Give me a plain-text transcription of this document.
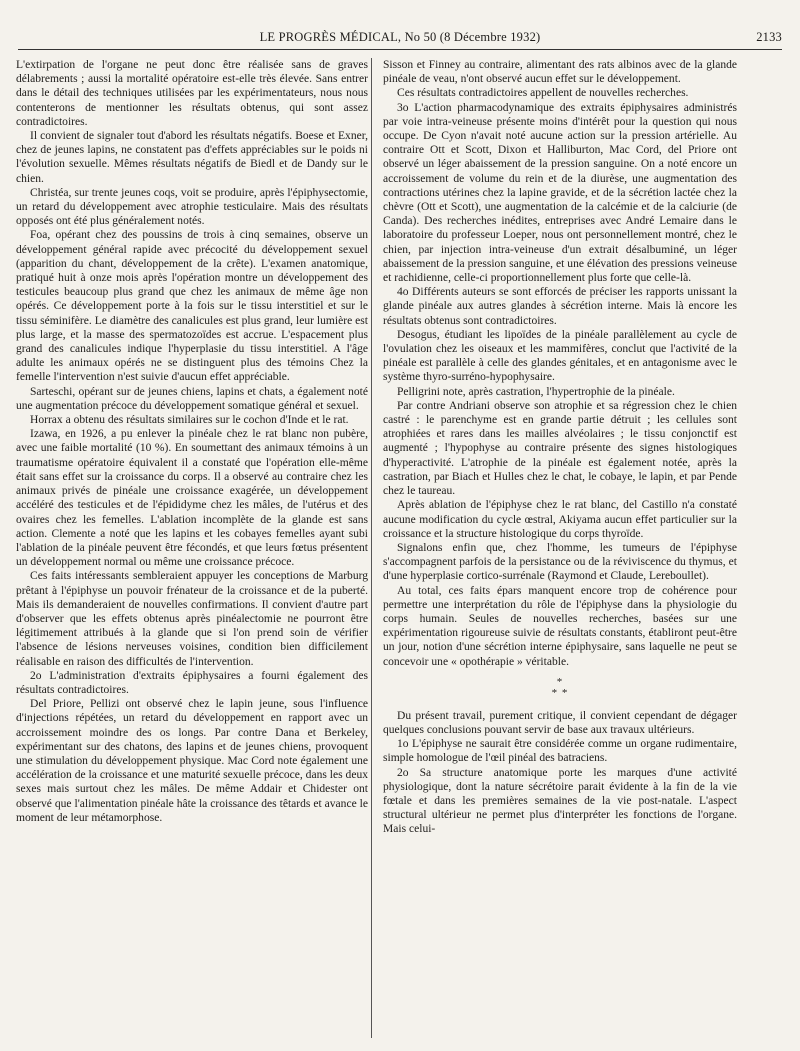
LE PROGRÈS MÉDICAL, No 50 (8 Décembre 1932)	2133

L'extirpation de l'organe ne peut donc être réalisée sans de graves délabrements ; aussi la mortalité opératoire est-elle très élevée. Sans entrer dans le détail des techniques utilisées par les expérimentateurs, nous nous contenterons de mentionner les résultats obtenus, qui sont assez contradictoires.

Il convient de signaler tout d'abord les résultats négatifs. Boese et Exner, chez de jeunes lapins, ne constatent pas d'effets appréciables sur le poids ni l'évolution sexuelle. Mêmes résultats négatifs de Biedl et de Dandy sur le chien.

Christéa, sur trente jeunes coqs, voit se produire, après l'épiphysectomie, un retard du développement avec atrophie testiculaire. Mais des résultats opposés ont été plus généralement notés.

Foa, opérant chez des poussins de trois à cinq semaines, observe un développement général rapide avec précocité du développement sexuel (apparition du chant, développement de la crête). L'examen anatomique, pratiqué huit à onze mois après l'opération montre un développement des testicules beaucoup plus grand que chez les animaux de même âge non opérés. Ce développement porte à la fois sur le tissu interstitiel et sur le tissu séminifère. Le diamètre des canalicules est plus grand, leur lumière est plus large, et la masse des spermatozoïdes est accrue. L'espacement plus grand des canalicules indique l'hyperplasie du tissu interstitiel. A l'âge adulte les animaux opérés ne se distinguent plus des témoins Chez la femelle l'intervention n'est suivie d'aucun effet appréciable.

Sarteschi, opérant sur de jeunes chiens, lapins et chats, a également noté une augmentation précoce du développement somatique général et sexuel.

Horrax a obtenu des résultats similaires sur le cochon d'Inde et le rat.

Izawa, en 1926, a pu enlever la pinéale chez le rat blanc non pubère, avec une faible mortalité (10 %). En soumettant des animaux témoins à un traumatisme opératoire équivalent il a constaté que l'opération elle-même était sans effet sur la croissance du corps. Il a observé au contraire chez les animaux privés de pinéale une croissance exagérée, un développement accéléré des testicules et de l'épididyme chez les mâles, de l'utérus et des ovaires chez les femelles. L'ablation incomplète de la glande est sans action. Clemente a noté que les lapins et les cobayes femelles ayant subi l'ablation de la pinéale peuvent être fécondés, et que leurs fœtus présentent un développement normal ou même une croissance précoce.

Ces faits intéressants sembleraient appuyer les conceptions de Marburg prêtant à l'épiphyse un pouvoir frénateur de la croissance et de la puberté. Mais ils demanderaient de nouvelles confirmations. Il convient d'autre part d'observer que les effets obtenus après pinéalectomie ne pourront être légitimement attribués à la glande que si l'on prend soin de vérifier l'absence de lésions nerveuses voisines, condition bien difficilement réalisable en raison des difficultés de l'intervention.

2o L'administration d'extraits épiphysaires a fourni également des résultats contradictoires.

Del Priore, Pellizi ont observé chez le lapin jeune, sous l'influence d'injections répétées, un retard du développement en rapport avec un accroissement moindre des os longs. Par contre Dana et Berkeley, expérimentant sur des chatons, des lapins et de jeunes chiens, provoquent une stimulation du développement physique. Mac Cord note également une accélération de la croissance et une maturité sexuelle précoce, dans les deux sexes mais surtout chez les mâles. De même Addair et Chidester ont observé que l'alimentation pinéale hâte la croissance des têtards et avance le moment de leur métamorphose.

Sisson et Finney au contraire, alimentant des rats albinos avec de la glande pinéale de veau, n'ont observé aucun effet sur le développement.

Ces résultats contradictoires appellent de nouvelles recherches.

3o L'action pharmacodynamique des extraits épiphysaires administrés par voie intra-veineuse présente moins d'intérêt pour la question qui nous occupe. De Cyon n'avait noté aucune action sur la pression artérielle. Au contraire Ott et Scott, Dixon et Halliburton, Mac Cord, del Priore ont observé un léger abaissement de la pression sanguine. On a noté encore un accroissement de volume du rein et de la diurèse, une augmentation des contractions utérines chez la lapine gravide, et de la sécrétion lactée chez la chèvre (Ott et Scott), une augmentation de la calcémie et de la calciurie (de Canda). Des recherches inédites, entreprises avec André Lemaire dans le laboratoire du professeur Loeper, nous ont personnellement montré, chez le chien, par injection intra-veineuse d'un extrait désalbuminé, un léger abaissement de la pression sanguine, et une élévation des pressions veineuse et rachidienne, celle-ci proportionnellement plus forte que celle-là.

4o Différents auteurs se sont efforcés de préciser les rapports unissant la glande pinéale aux autres glandes à sécrétion interne. Mais là encore les résultats obtenus sont contradictoires.

Desogus, étudiant les lipoïdes de la pinéale parallèlement au cycle de l'ovulation chez les oiseaux et les mammifères, conclut que l'activité de la pinéale est parallèle à celle des glandes génitales, et en antagonisme avec le système thyro-surréno-hypophysaire.

Pelligrini note, après castration, l'hypertrophie de la pinéale.

Par contre Andriani observe son atrophie et sa régression chez le chien castré : le parenchyme est en grande partie détruit ; les cellules sont atrophiées et rares dans les mailles alvéolaires ; le tissu conjonctif est augmenté ; l'hypophyse au contraire présente des signes histologiques d'hyperactivité. L'atrophie de la pinéale est également notée, après la castration, par Biach et Hulles chez le chat, le cobaye, le lapin, et par Pende chez le taureau.

Après ablation de l'épiphyse chez le rat blanc, del Castillo n'a constaté aucune modification du cycle œstral, Akiyama aucun effet particulier sur la croissance et la structure histologique du corps thyroïde.

Signalons enfin que, chez l'homme, les tumeurs de l'épiphyse s'accompagnent parfois de la persistance ou de la réviviscence du thymus, et d'une hyperplasie cortico-surrénale (Raymond et Claude, Lereboullet).

Au total, ces faits épars manquent encore trop de cohérence pour permettre une interprétation du rôle de l'épiphyse dans la physiologie du corps humain. Seules de nouvelles recherches, basées sur une expérimentation rigoureuse suivie de résultats constants, établiront peut-être un jour, notion d'une sécrétion interne épiphysaire, sans laquelle ne peut se concevoir une « opothérapie » véritable.

*
* *

Du présent travail, purement critique, il convient cependant de dégager quelques conclusions pouvant servir de base aux travaux ultérieurs.

1o L'épiphyse ne saurait être considérée comme un organe rudimentaire, simple homologue de l'œil pinéal des batraciens.

2o Sa structure anatomique porte les marques d'une activité physiologique, dont la nature sécrétoire parait évidente à la fin de la vie fœtale et dans les premières semaines de la vie post-natale. L'aspect structural ultérieur ne permet plus d'interpréter les fonctions de l'organe. Mais celui-
